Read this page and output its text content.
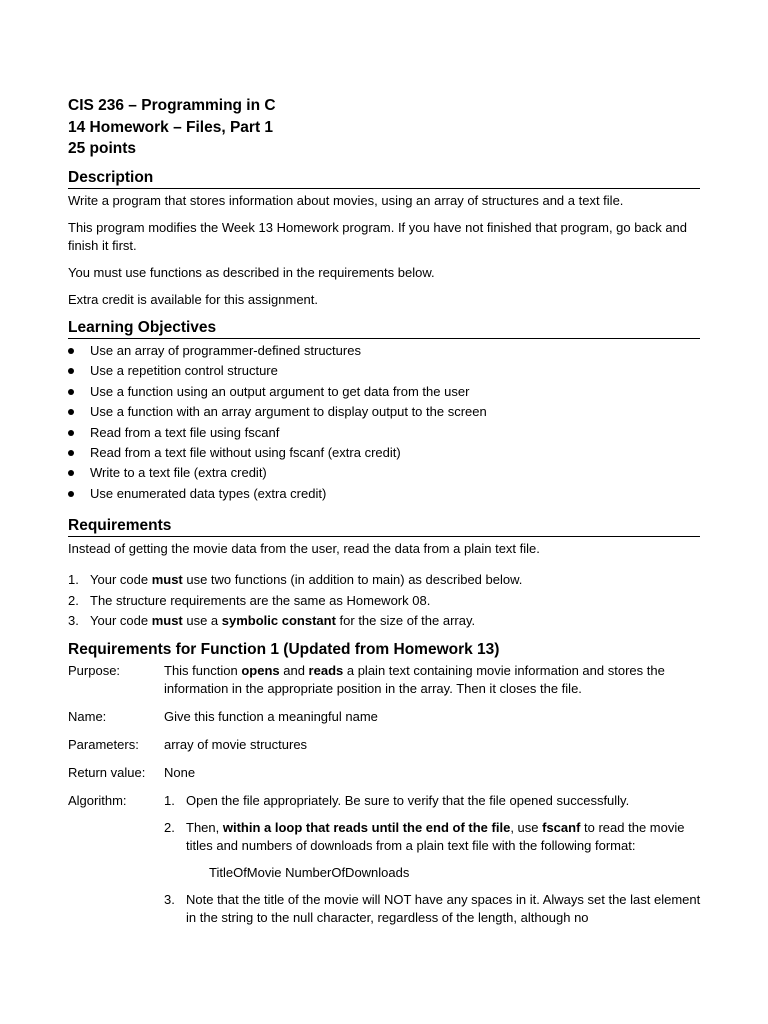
CIS 236 – Programming in C
14 Homework – Files, Part 1
25 points
Description
Write a program that stores information about movies, using an array of structures and a text file.
This program modifies the Week 13 Homework program. If you have not finished that program, go back and finish it first.
You must use functions as described in the requirements below.
Extra credit is available for this assignment.
Learning Objectives
Use an array of programmer-defined structures
Use a repetition control structure
Use a function using an output argument to get data from the user
Use a function with an array argument to display output to the screen
Read from a text file using fscanf
Read from a text file without using fscanf (extra credit)
Write to a text file (extra credit)
Use enumerated data types (extra credit)
Requirements
Instead of getting the movie data from the user, read the data from a plain text file.
1. Your code must use two functions (in addition to main) as described below.
2. The structure requirements are the same as Homework 08.
3. Your code must use a symbolic constant for the size of the array.
Requirements for Function 1 (Updated from Homework 13)
Purpose:	This function opens and reads a plain text containing movie information and stores the information in the appropriate position in the array. Then it closes the file.
Name:	Give this function a meaningful name
Parameters:	array of movie structures
Return value:	None
Algorithm:	1. Open the file appropriately. Be sure to verify that the file opened successfully.
2. Then, within a loop that reads until the end of the file, use fscanf to read the movie titles and numbers of downloads from a plain text file with the following format:
TitleOfMovie NumberOfDownloads
3. Note that the title of the movie will NOT have any spaces in it. Always set the last element in the string to the null character, regardless of the length, although no
